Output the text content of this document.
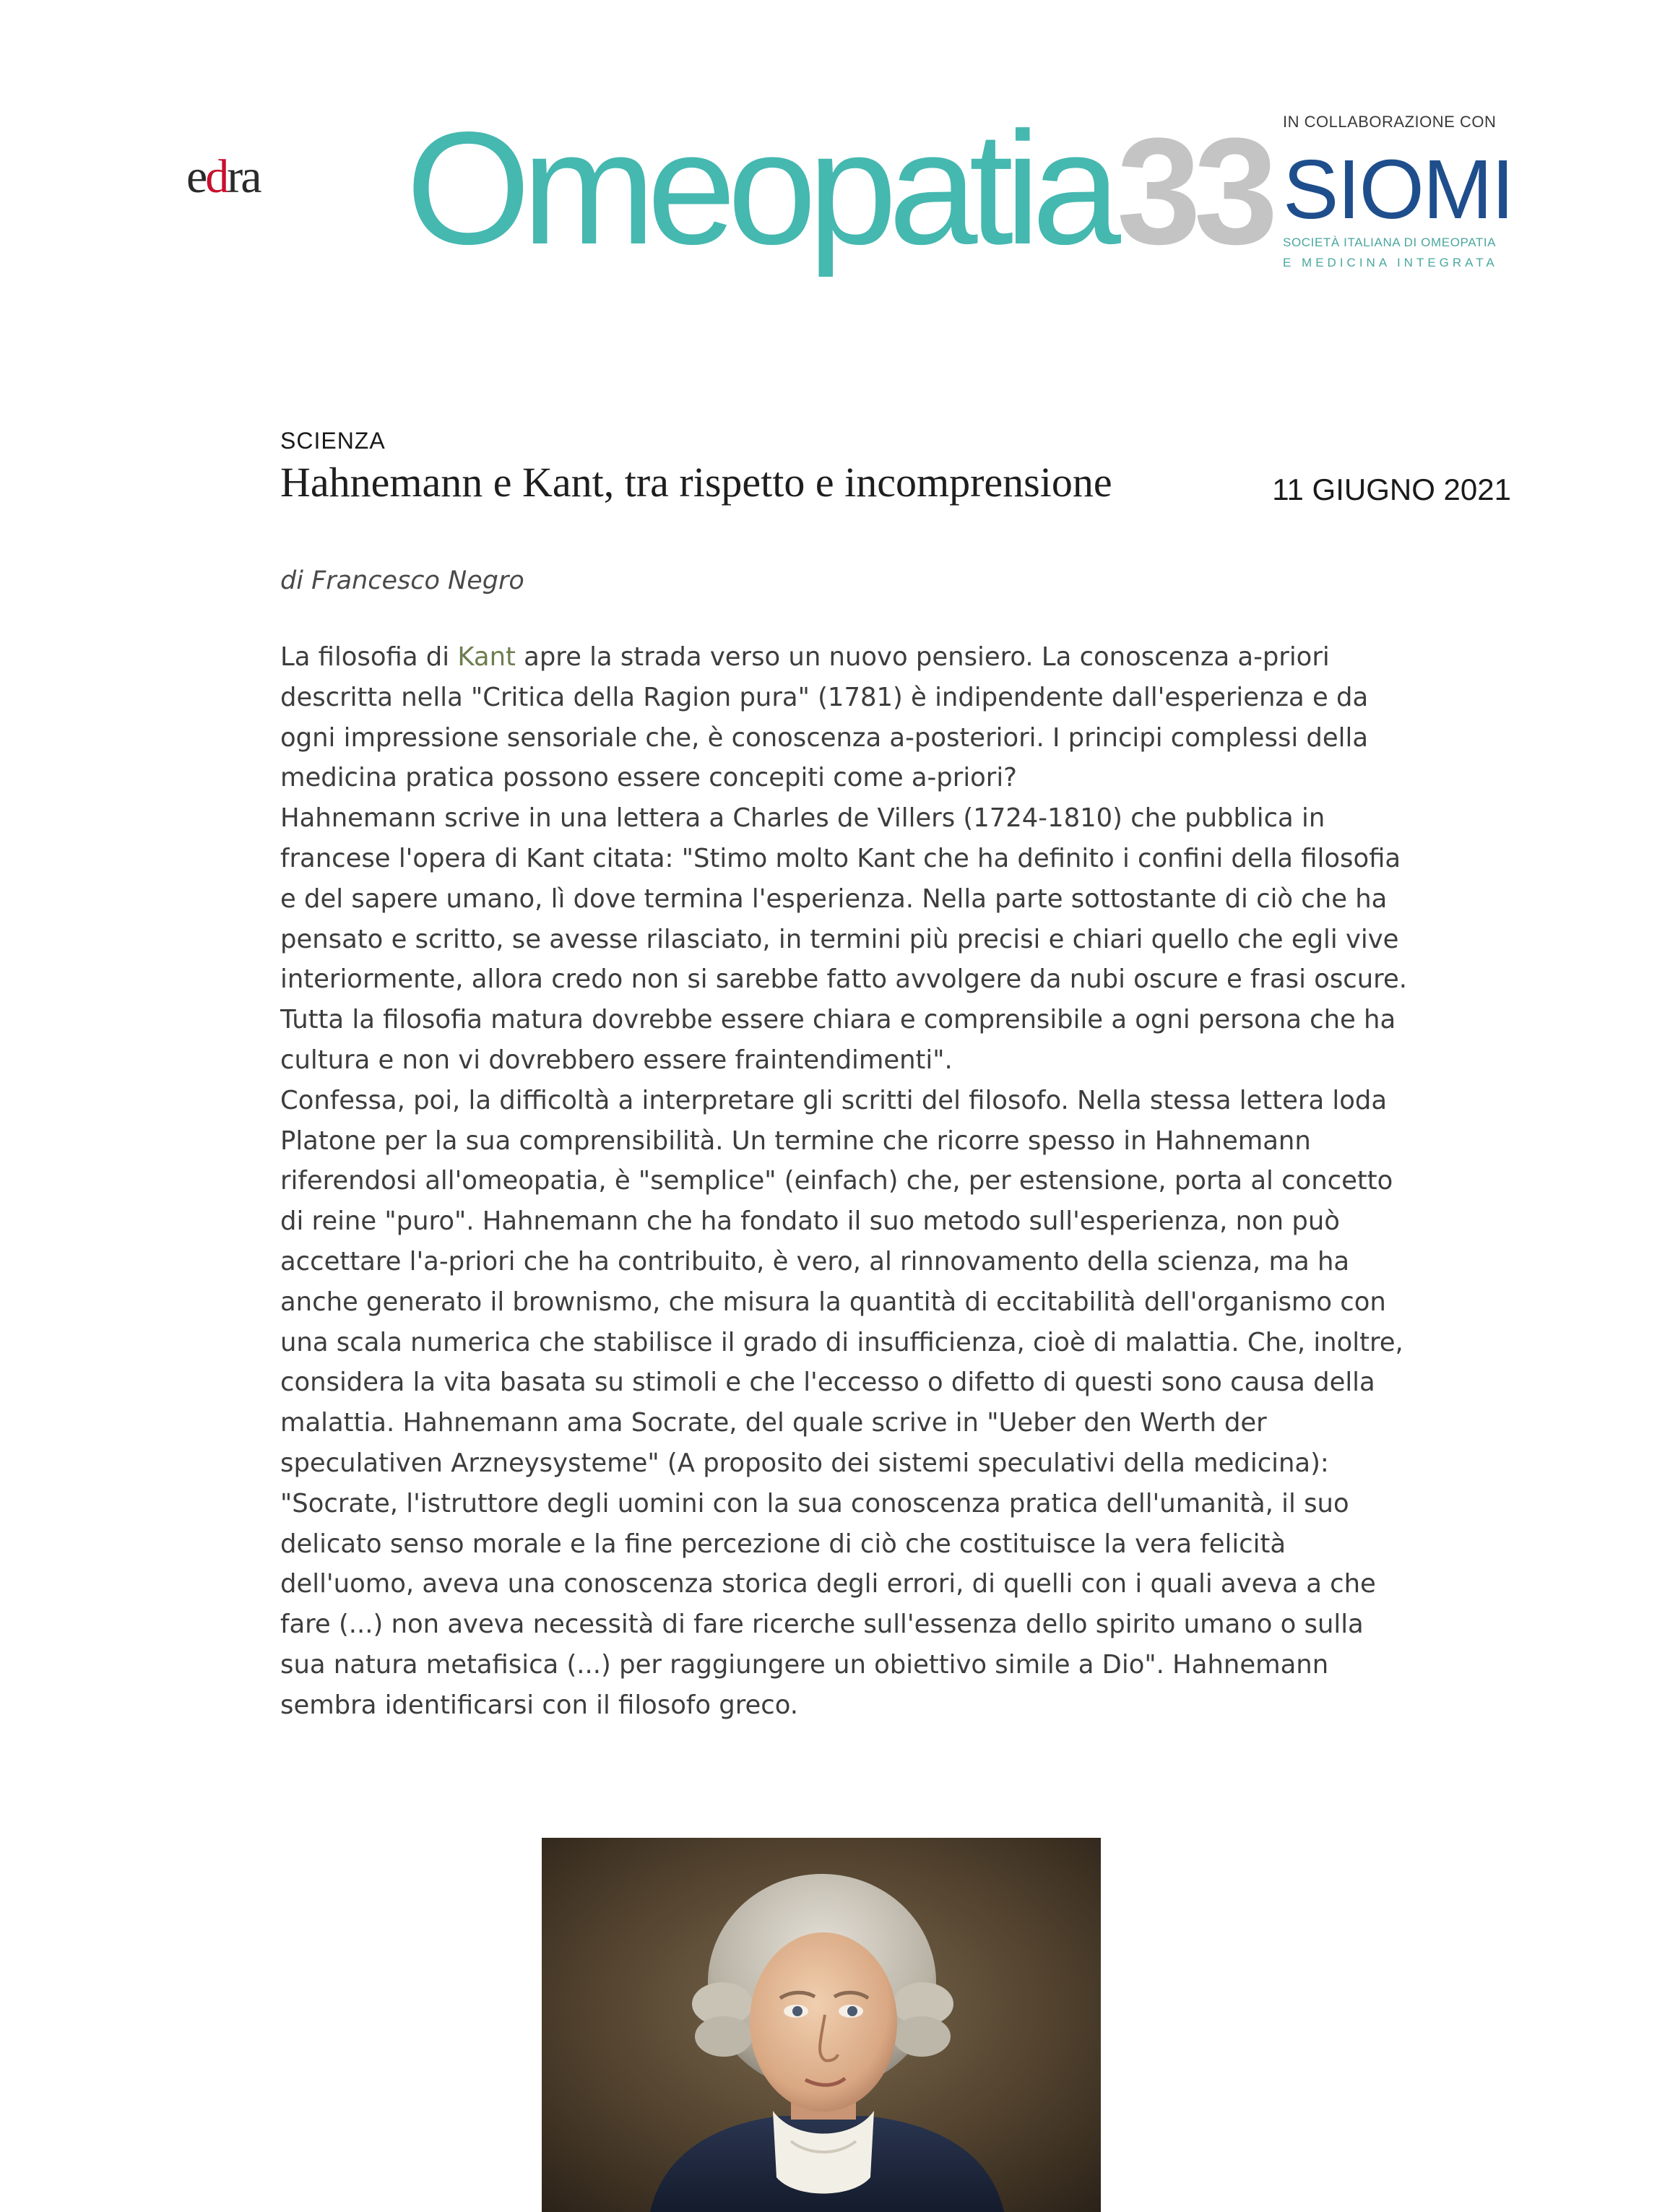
edra Omeopatia33 IN COLLABORAZIONE CON
SIOMI
SOCIETÀ ITALIANA DI OMEOPATIA
E MEDICINA INTEGRATA
SCIENZA
Hahnemann e Kant, tra rispetto e incomprensione	11 GIUGNO 2021
di Francesco Negro

La filosofia di Kant apre la strada verso un nuovo pensiero. La conoscenza a-priori descritta nella "Critica della Ragion pura" (1781) è indipendente dall'esperienza e da ogni impressione sensoriale che, è conoscenza a-posteriori. I principi complessi della medicina pratica possono essere concepiti come a-priori?

Hahnemann scrive in una lettera a Charles de Villers (1724-1810) che pubblica in francese l'opera di Kant citata: "Stimo molto Kant che ha definito i confini della filosofia e del sapere umano, lì dove termina l'esperienza. Nella parte sottostante di ciò che ha pensato e scritto, se avesse rilasciato, in termini più precisi e chiari quello che egli vive interiormente, allora credo non si sarebbe fatto avvolgere da nubi oscure e frasi oscure. Tutta la filosofia matura dovrebbe essere chiara e comprensibile a ogni persona che ha cultura e non vi dovrebbero essere fraintendimenti".

Confessa, poi, la difficoltà a interpretare gli scritti del filosofo. Nella stessa lettera loda Platone per la sua comprensibilità. Un termine che ricorre spesso in Hahnemann riferendosi all'omeopatia, è "semplice" (einfach) che, per estensione, porta al concetto di reine "puro". Hahnemann che ha fondato il suo metodo sull'esperienza, non può accettare l'a-priori che ha contribuito, è vero, al rinnovamento della scienza, ma ha anche generato il brownismo, che misura la quantità di eccitabilità dell'organismo con una scala numerica che stabilisce il grado di insufficienza, cioè di malattia. Che, inoltre, considera la vita basata su stimoli e che l'eccesso o difetto di questi sono causa della malattia. Hahnemann ama Socrate, del quale scrive in "Ueber den Werth der speculativen Arzneysysteme" (A proposito dei sistemi speculativi della medicina): "Socrate, l'istruttore degli uomini con la sua conoscenza pratica dell'umanità, il suo delicato senso morale e la fine percezione di ciò che costituisce la vera felicità dell'uomo, aveva una conoscenza storica degli errori, di quelli con i quali aveva a che fare (...) non aveva necessità di fare ricerche sull'essenza dello spirito umano o sulla sua natura metafisica (...) per raggiungere un obiettivo simile a Dio". Hahnemann sembra identificarsi con il filosofo greco.
